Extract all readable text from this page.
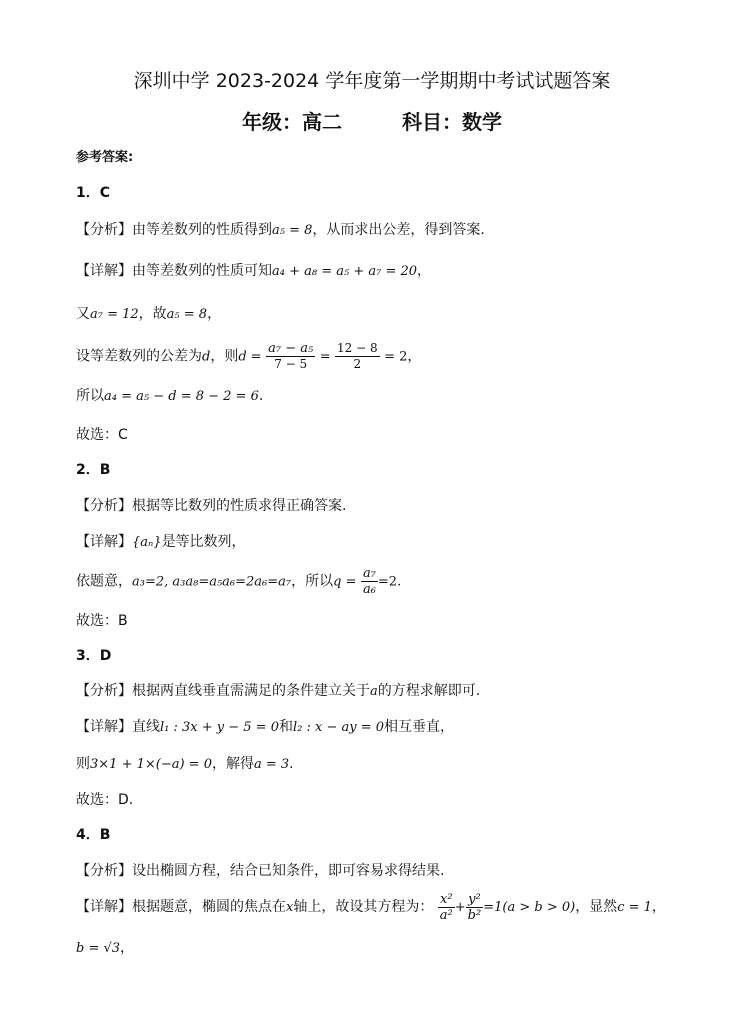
深圳中学 2023-2024 学年度第一学期期中考试试题答案
年级：高二	科目：数学
参考答案:
1．C
【分析】由等差数列的性质得到a₅ = 8，从而求出公差，得到答案.
【详解】由等差数列的性质可知a₄ + a₈ = a₅ + a₇ = 20，
又a₇ = 12，故a₅ = 8，
设等差数列的公差为d，则$d = \frac{\text{a₇ − a₅}}{7 - 5} = \frac{12 - 8}{2} = 2$，
所以a₄ = a₅ − d = 8 − 2 = 6.
故选：C
2．B
【分析】根据等比数列的性质求得正确答案.
【详解】{aₙ}是等比数列，
依题意，a₃=2, a₃a₈=a₅a₆=2a₆=a₇，所以$q = \frac{\text{a₇}}{\text{a₆}} =2$.
故选：B
3．D
【分析】根据两直线垂直需满足的条件建立关于a的方程求解即可.
【详解】直线l₁ : 3x + y − 5 = 0和l₂ : x − ay = 0相互垂直，
则3×1 + 1×(−a) = 0，解得a = 3.
故选：D.
4．B
【分析】设出椭圆方程，结合已知条件，即可容易求得结果.
【详解】根据题意，椭圆的焦点在x轴上，故设其方程为： $\frac{\text{x²}}{\text{a²}} + \frac{\text{y²}}{\text{b²}} =1(a > b > 0)$，显然c = 1，
b = √3，
